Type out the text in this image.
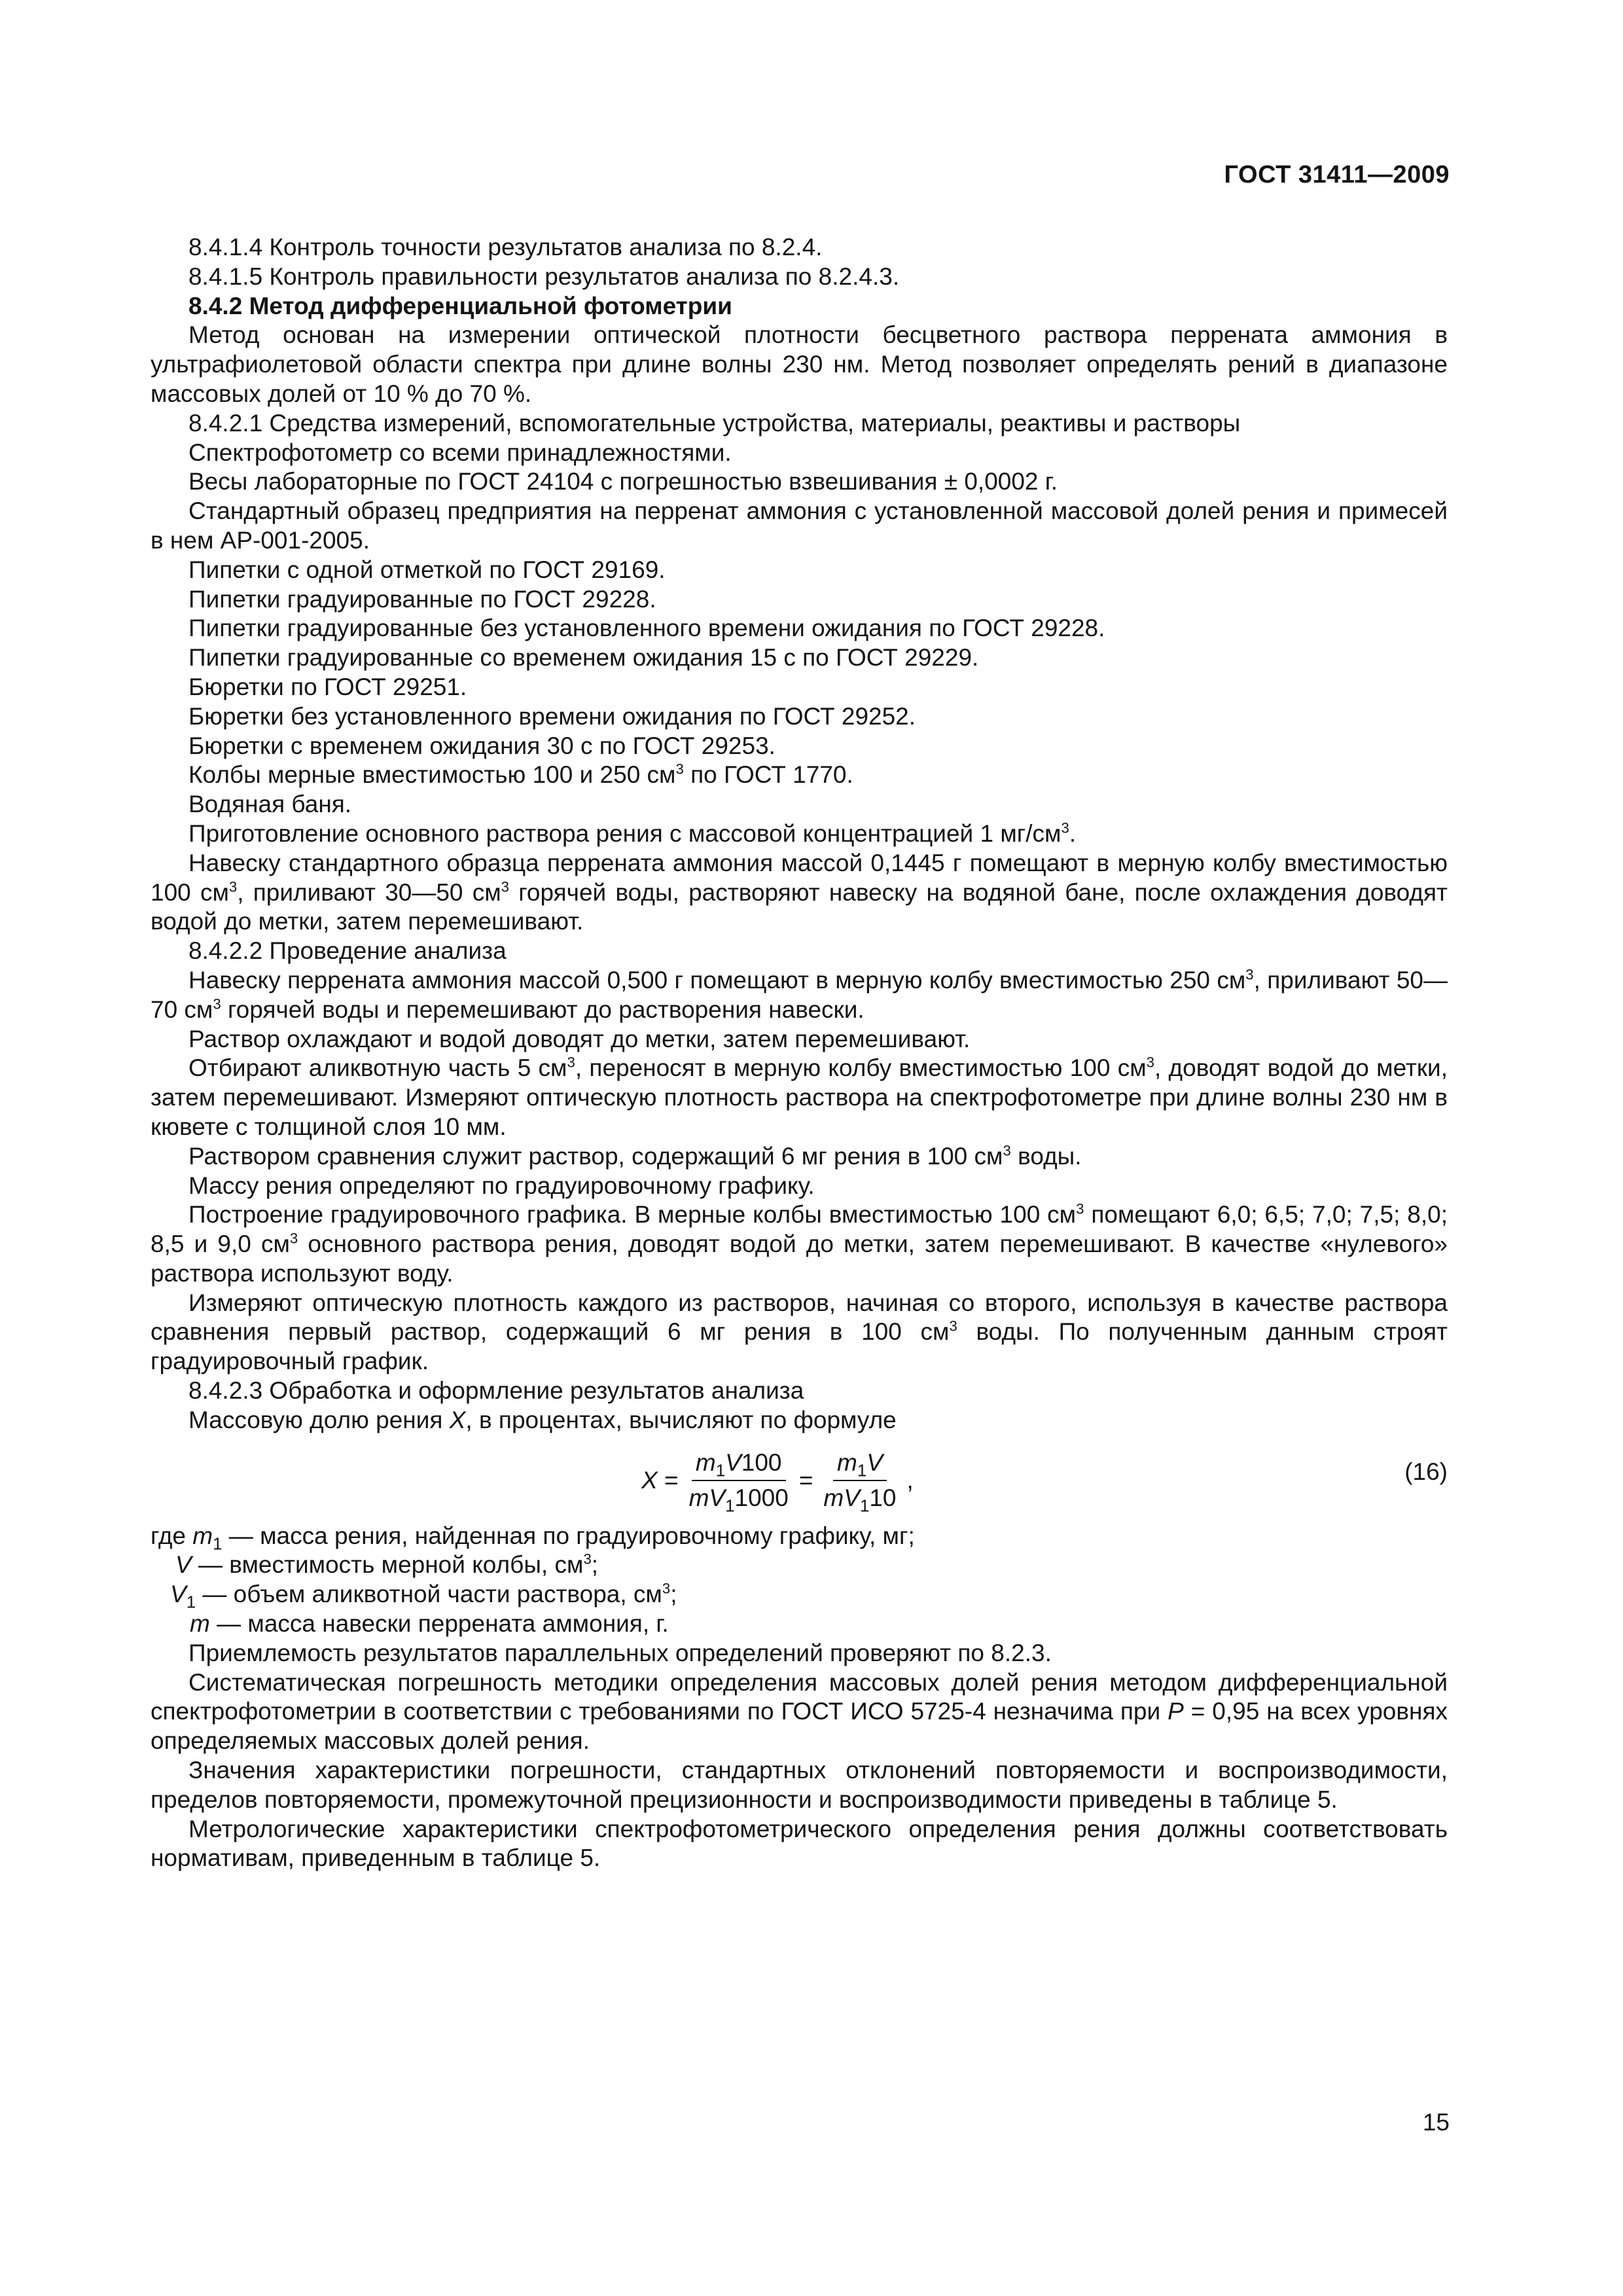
ГОСТ 31411—2009

8.4.1.4 Контроль точности результатов анализа по 8.2.4.

8.4.1.5 Контроль правильности результатов анализа по 8.2.4.3.

8.4.2 Метод дифференциальной фотометрии

Метод основан на измерении оптической плотности бесцветного раствора перрената аммония в ультрафиолетовой области спектра при длине волны 230 нм. Метод позволяет определять рений в диапазоне массовых долей от 10 % до 70 %.

8.4.2.1 Средства измерений, вспомогательные устройства, материалы, реактивы и растворы

Спектрофотометр со всеми принадлежностями.

Весы лабораторные по ГОСТ 24104 с погрешностью взвешивания ± 0,0002 г.

Стандартный образец предприятия на перренат аммония с установленной массовой долей рения и примесей в нем АР-001-2005.

Пипетки с одной отметкой по ГОСТ 29169.

Пипетки градуированные по ГОСТ 29228.

Пипетки градуированные без установленного времени ожидания по ГОСТ 29228.

Пипетки градуированные со временем ожидания 15 с по ГОСТ 29229.

Бюретки по ГОСТ 29251.

Бюретки без установленного времени ожидания по ГОСТ 29252.

Бюретки с временем ожидания 30 с по ГОСТ 29253.

Колбы мерные вместимостью 100 и 250 $см^3$ по ГОСТ 1770.

Водяная баня.

Приготовление основного раствора рения с массовой концентрацией 1 $мг/см^3$.

Навеску стандартного образца перрената аммония массой 0,1445 г помещают в мерную колбу вместимостью 100 $см^3$, приливают 30—50 $см^3$ горячей воды, растворяют навеску на водяной бане, после охлаждения доводят водой до метки, затем перемешивают.

8.4.2.2 Проведение анализа

Навеску перрената аммония массой 0,500 г помещают в мерную колбу вместимостью 250 $см^3$, приливают 50—70 $см^3$ горячей воды и перемешивают до растворения навески.

Раствор охлаждают и водой доводят до метки, затем перемешивают.

Отбирают аликвотную часть 5 $см^3$, переносят в мерную колбу вместимостью 100 $см^3$, доводят водой до метки, затем перемешивают. Измеряют оптическую плотность раствора на спектрофотометре при длине волны 230 нм в кювете с толщиной слоя 10 мм.

Раствором сравнения служит раствор, содержащий 6 мг рения в 100 $см^3$ воды.

Массу рения определяют по градуировочному графику.

Построение градуировочного графика. В мерные колбы вместимостью 100 $см^3$ помещают 6,0; 6,5; 7,0; 7,5; 8,0; 8,5 и 9,0 $см^3$ основного раствора рения, доводят водой до метки, затем перемешивают. В качестве «нулевого» раствора используют воду.

Измеряют оптическую плотность каждого из растворов, начиная со второго, используя в качестве раствора сравнения первый раствор, содержащий 6 мг рения в 100 $см^3$ воды. По полученным данным строят градуировочный график.

8.4.2.3 Обработка и оформление результатов анализа

Массовую долю рения X, в процентах, вычисляют по формуле

X
= $\frac{m_1V100}{mV_11000} = \frac{m_1V}{mV_110}$ ,	(16)

где $m_1$ — масса рения, найденная по градуировочному графику, мг;

V — вместимость мерной колбы, $см^3$;

$V_1$ — объем аликвотной части раствора, $см^3$;

m — масса навески перрената аммония, г.

Приемлемость результатов параллельных определений проверяют по 8.2.3.

Систематическая погрешность методики определения массовых долей рения методом дифференциальной спектрофотометрии в соответствии с требованиями по ГОСТ ИСО 5725-4 незначима при P = 0,95 на всех уровнях определяемых массовых долей рения.

Значения характеристики погрешности, стандартных отклонений повторяемости и воспроизводимости, пределов повторяемости, промежуточной прецизионности и воспроизводимости приведены в таблице 5.

Метрологические характеристики спектрофотометрического определения рения должны соответствовать нормативам, приведенным в таблице 5.

15
